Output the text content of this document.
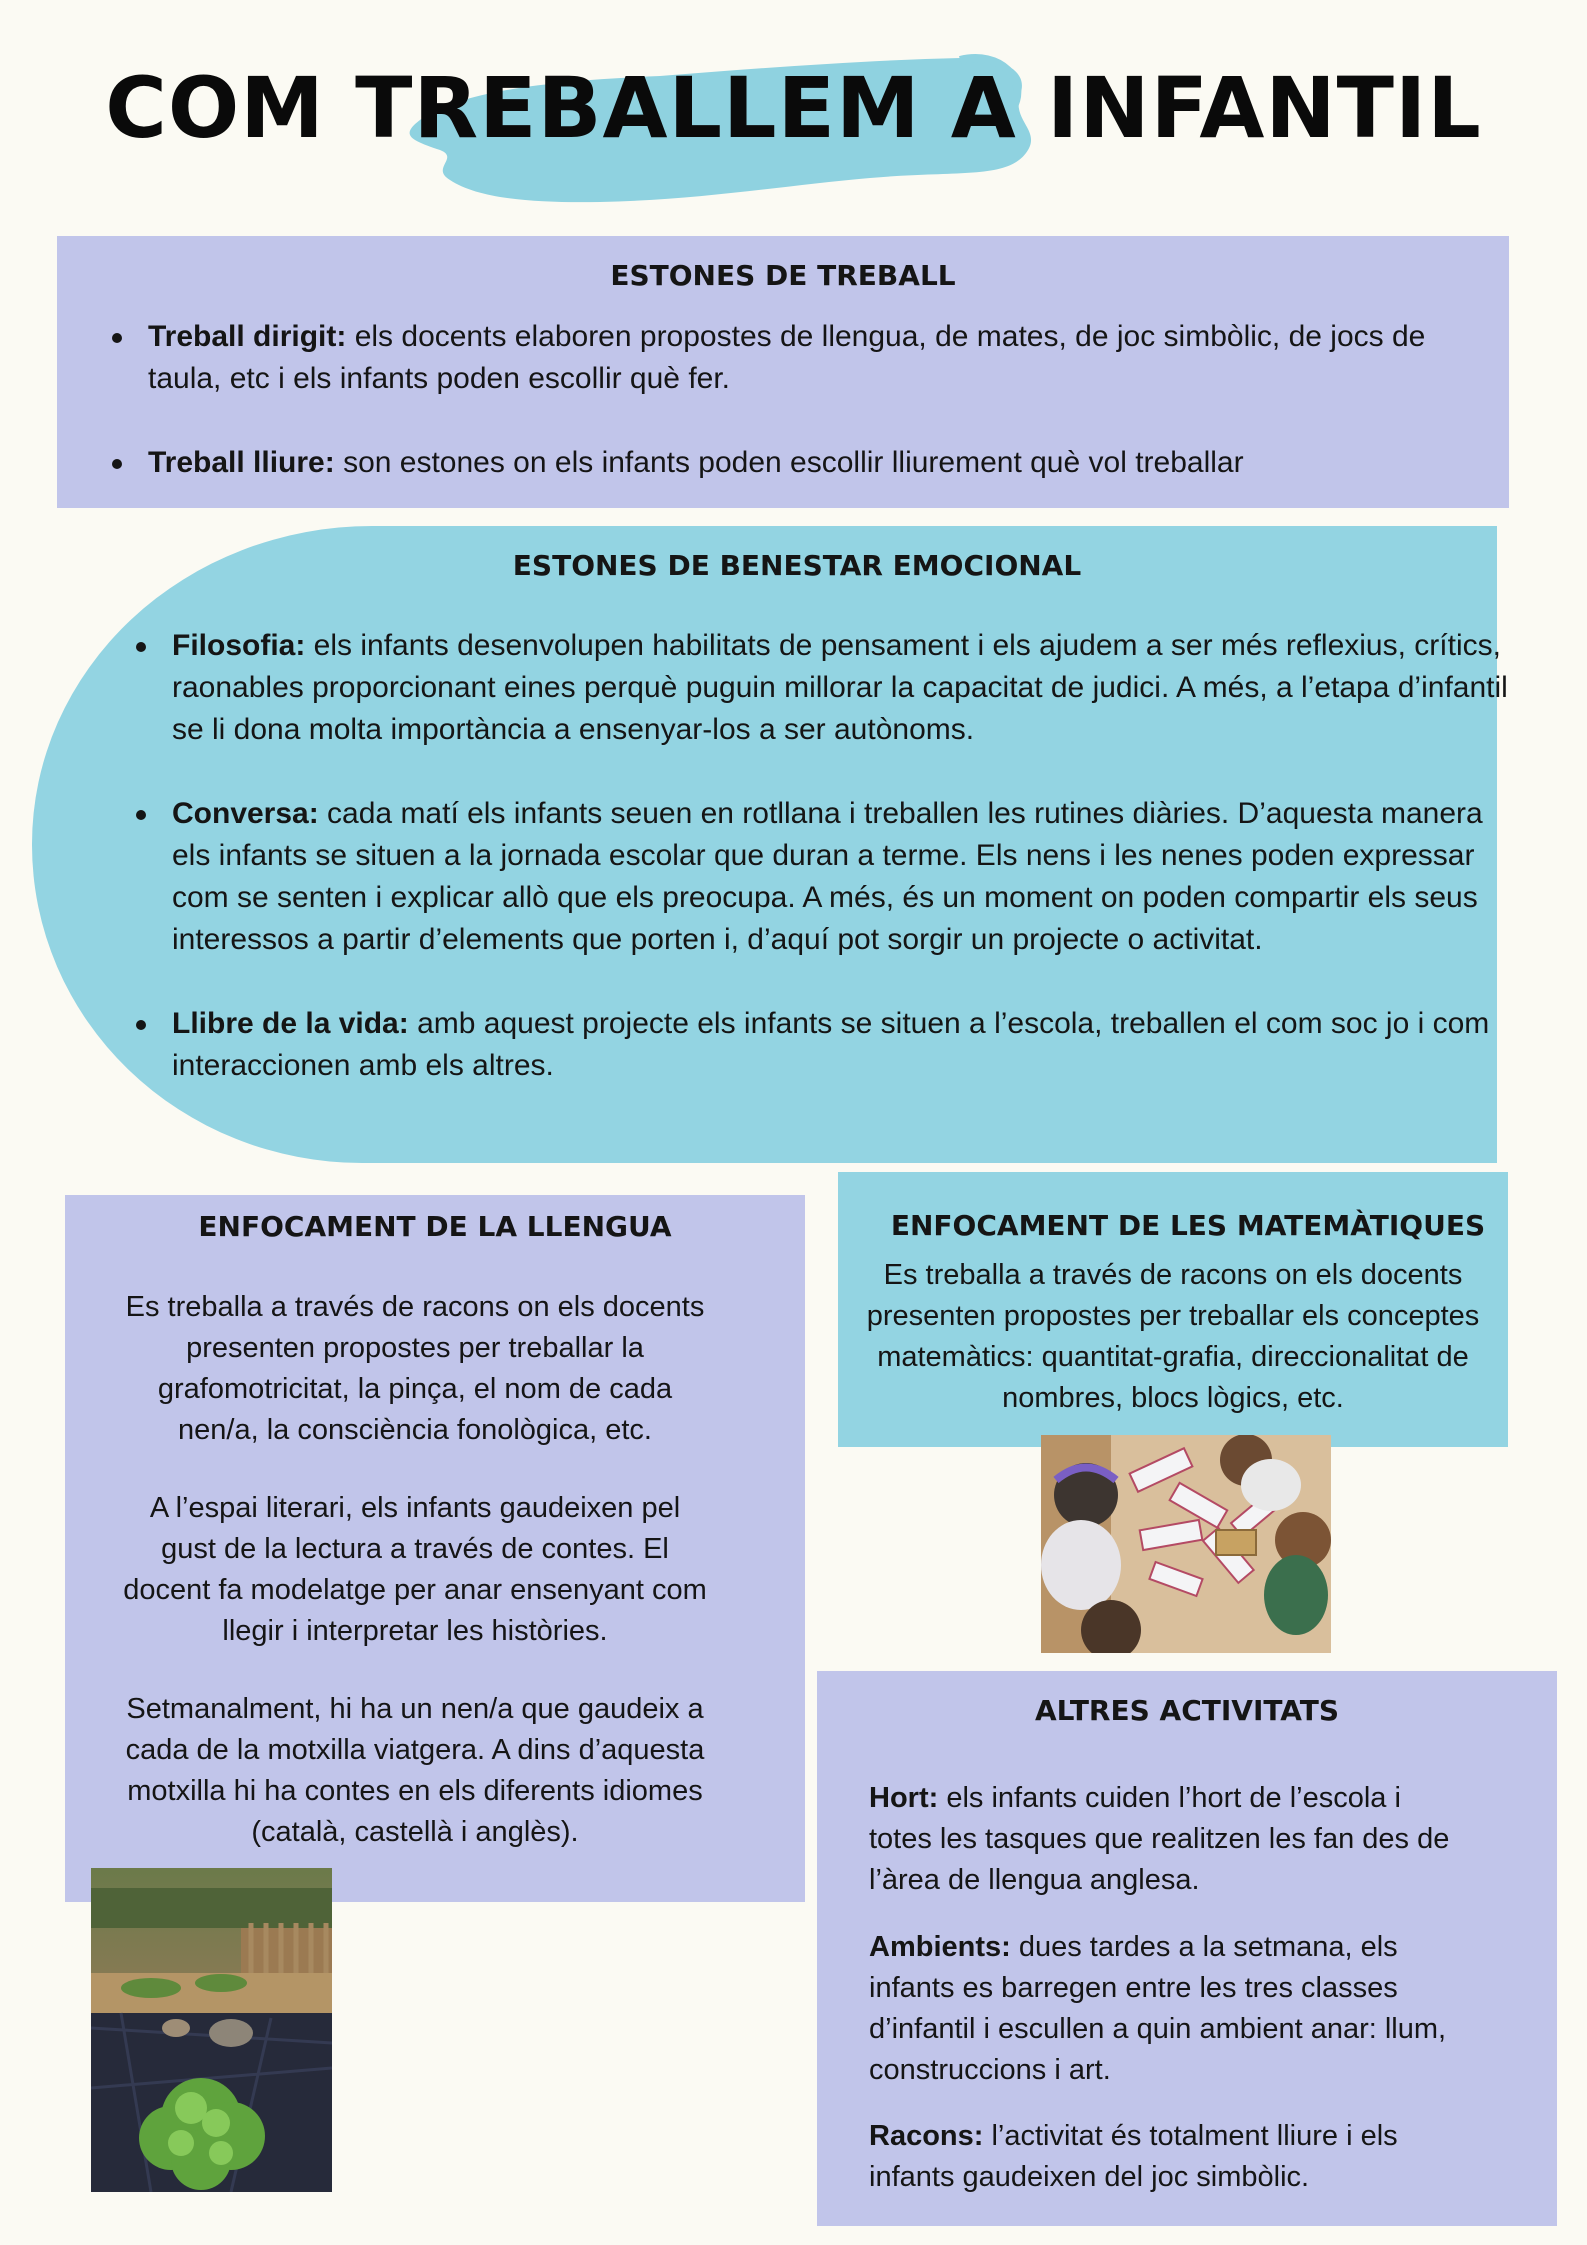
COM TREBALLEM A INFANTIL
ESTONES DE TREBALL
Treball dirigit: els docents elaboren propostes de llengua, de mates, de joc simbòlic, de jocs de taula, etc i els infants poden escollir què fer.
Treball lliure: son estones on els infants poden escollir lliurement què vol treballar
ESTONES DE BENESTAR EMOCIONAL
Filosofia: els infants desenvolupen habilitats de pensament i els ajudem a ser més reflexius, crítics, raonables proporcionant eines perquè puguin millorar la capacitat de judici. A més, a l’etapa d’infantil se li dona molta importància a ensenyar-los a ser autònoms.
Conversa: cada matí els infants seuen en rotllana i treballen les rutines diàries. D’aquesta manera els infants se situen a la jornada escolar que duran a terme. Els nens i les nenes poden expressar com se senten i explicar allò que els preocupa. A més, és un moment on poden compartir els seus interessos a partir d’elements que porten i, d’aquí pot sorgir un projecte o activitat.
Llibre de la vida: amb aquest projecte els infants se situen a l’escola, treballen el com soc jo i com interaccionen amb els altres.
ENFOCAMENT DE LA LLENGUA
Es treballa a través de racons on els docents presenten propostes per treballar la grafomotricitat, la pinça, el nom de cada nen/a, la consciència fonològica, etc.
A l’espai literari, els infants gaudeixen pel gust de la lectura a través de contes. El docent fa modelatge per anar ensenyant com llegir i interpretar les històries.
Setmanalment, hi ha un nen/a que gaudeix a cada de la motxilla viatgera. A dins d’aquesta motxilla hi ha contes en els diferents idiomes (català, castellà i anglès).
ENFOCAMENT DE LES MATEMÀTIQUES
Es treballa a través de racons on els docents presenten propostes per treballar els conceptes matemàtics: quantitat-grafia, direccionalitat de nombres, blocs lògics, etc.
ALTRES ACTIVITATS
Hort: els infants cuiden l’hort de l’escola i totes les tasques que realitzen les fan des de l’àrea de llengua anglesa.
Ambients: dues tardes a la setmana, els infants es barregen entre les tres classes d’infantil i escullen a quin ambient anar: llum, construccions i art.
Racons: l’activitat és totalment lliure i els infants gaudeixen del joc simbòlic.
